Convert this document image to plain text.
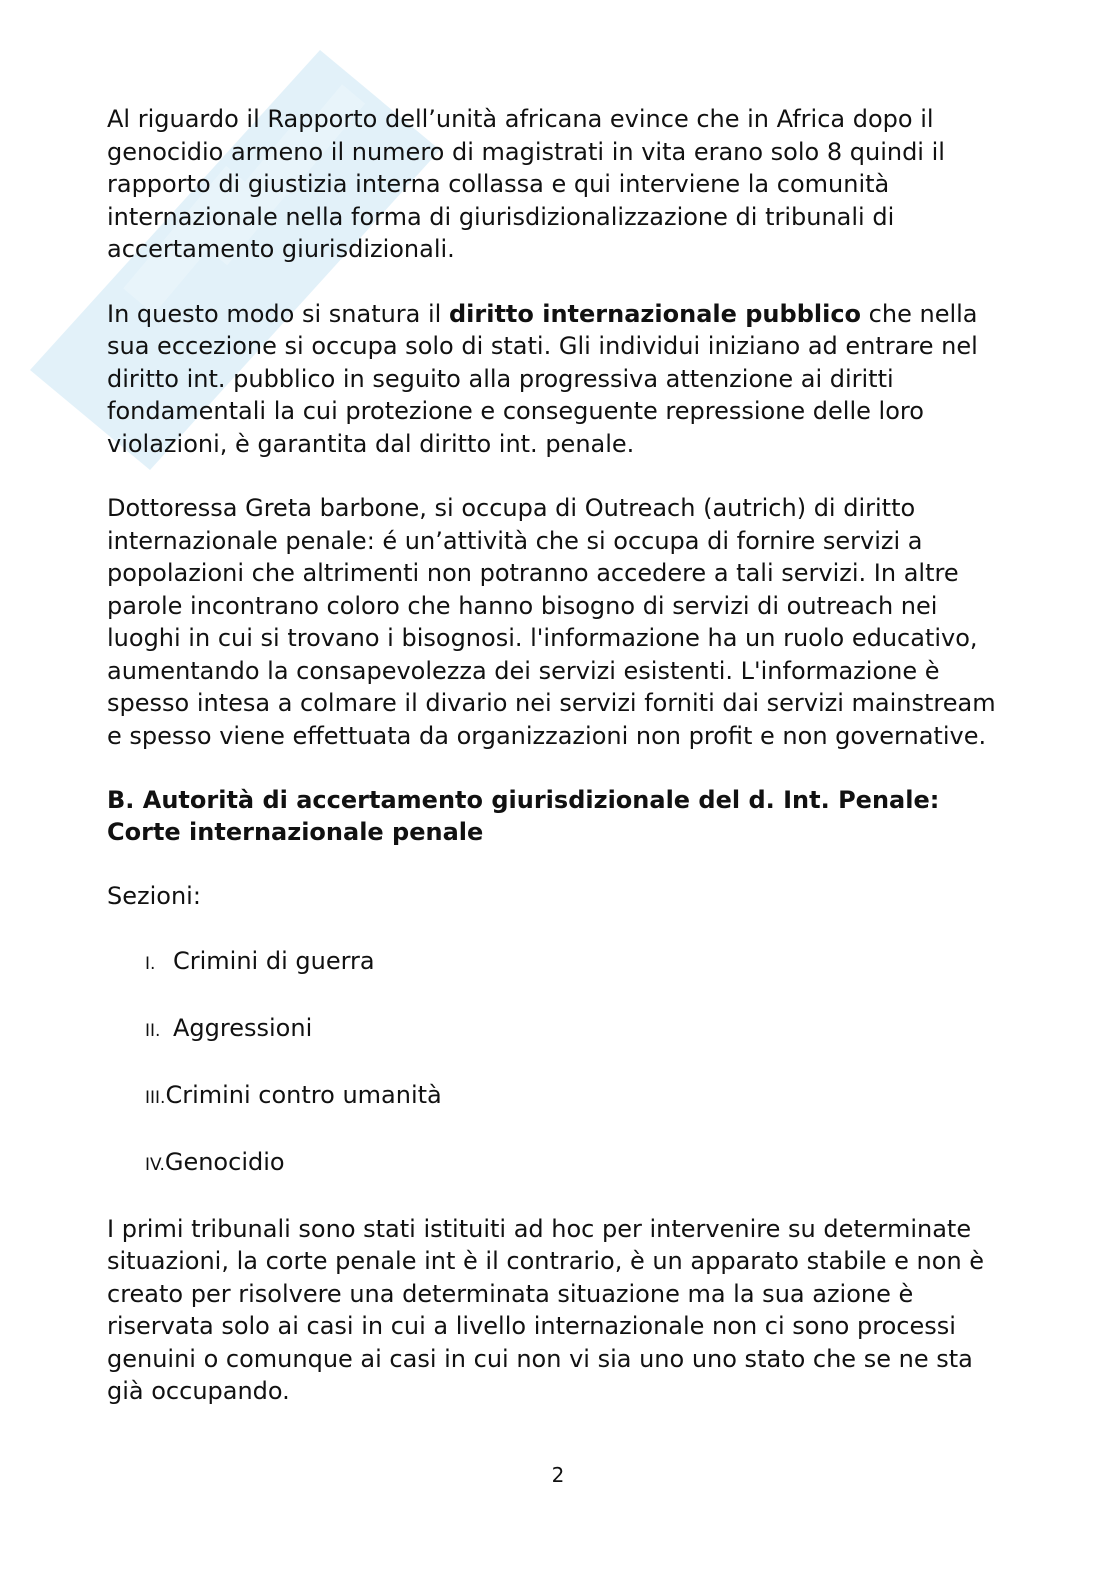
Al riguardo il Rapporto dell’unità africana evince che in Africa dopo il genocidio armeno il numero di magistrati in vita erano solo 8 quindi il rapporto di giustizia interna collassa e qui interviene la comunità internazionale nella forma di giurisdizionalizzazione di tribunali di accertamento giurisdizionali.

In questo modo si snatura il diritto internazionale pubblico che nella sua eccezione si occupa solo di stati. Gli individui iniziano ad entrare nel diritto int. pubblico in seguito alla progressiva attenzione ai diritti fondamentali la cui protezione e conseguente repressione delle loro violazioni, è garantita dal diritto int. penale.

Dottoressa Greta barbone, si occupa di Outreach (autrich) di diritto internazionale penale: é un’attività che si occupa di fornire servizi a popolazioni che altrimenti non potranno accedere a tali servizi. In altre parole incontrano coloro che hanno bisogno di servizi di outreach nei luoghi in cui si trovano i bisognosi. l'informazione ha un ruolo educativo, aumentando la consapevolezza dei servizi esistenti. L'informazione è spesso intesa a colmare il divario nei servizi forniti dai servizi mainstream e spesso viene effettuata da organizzazioni non profit e non governative.

B. Autorità di accertamento giurisdizionale del d. Int. Penale: Corte internazionale penale

Sezioni:

I. Crimini di guerra
II. Aggressioni
III.Crimini contro umanità
IV.Genocidio

I primi tribunali sono stati istituiti ad hoc per intervenire su determinate situazioni, la corte penale int è il contrario, è un apparato stabile e non è creato per risolvere una determinata situazione ma la sua azione è riservata solo ai casi in cui a livello internazionale non ci sono processi genuini o comunque ai casi in cui non vi sia uno uno stato che se ne sta già occupando.

2
